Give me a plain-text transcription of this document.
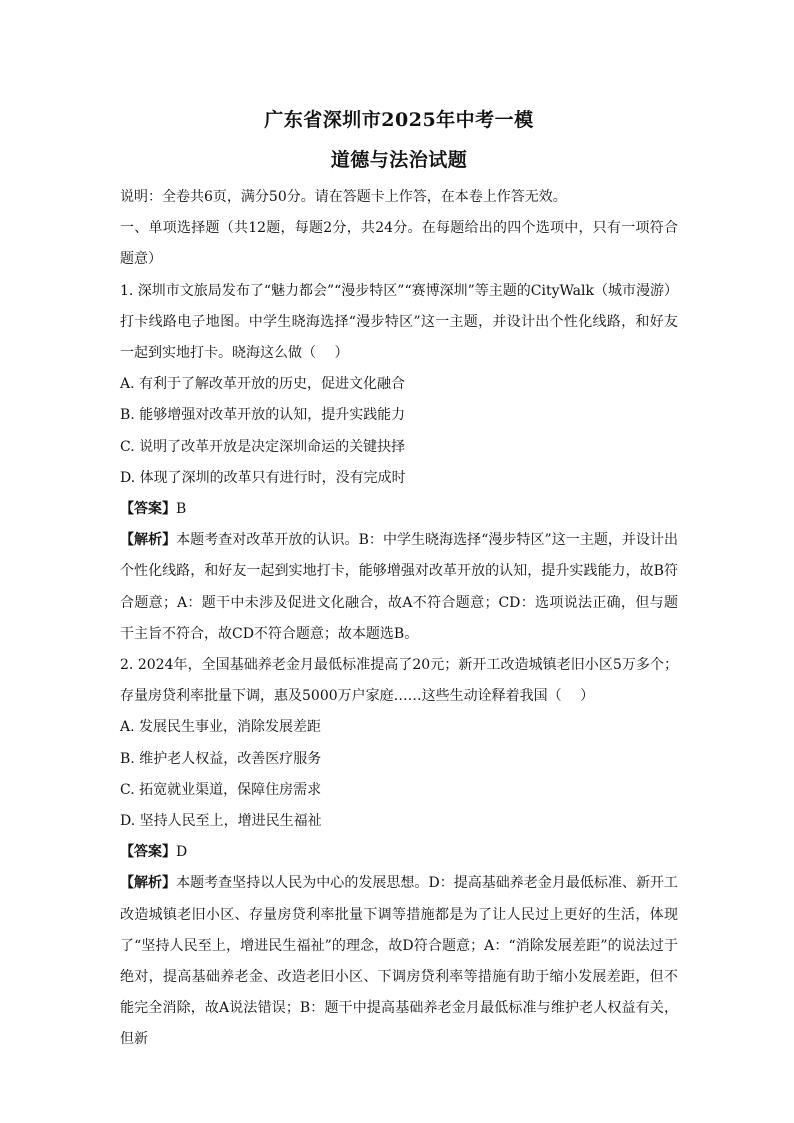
广东省深圳市2025年中考一模
道德与法治试题

说明：全卷共6页，满分50分。请在答题卡上作答，在本卷上作答无效。

一、单项选择题（共12题，每题2分，共24分。在每题给出的四个选项中，只有一项符合题意）

1. 深圳市文旅局发布了“魅力都会”“漫步特区”“赛博深圳”等主题的CityWalk（城市漫游）打卡线路电子地图。中学生晓海选择“漫步特区”这一主题，并设计出个性化线路，和好友一起到实地打卡。晓海这么做（　 ）

A. 有利于了解改革开放的历史，促进文化融合

B. 能够增强对改革开放的认知，提升实践能力

C. 说明了改革开放是决定深圳命运的关键抉择

D. 体现了深圳的改革只有进行时，没有完成时

【答案】B

【解析】本题考查对改革开放的认识。B：中学生晓海选择“漫步特区”这一主题，并设计出个性化线路，和好友一起到实地打卡，能够增强对改革开放的认知，提升实践能力，故B符合题意；A：题干中未涉及促进文化融合，故A不符合题意；CD：选项说法正确，但与题干主旨不符合，故CD不符合题意；故本题选B。

2. 2024年，全国基础养老金月最低标准提高了20元；新开工改造城镇老旧小区5万多个；存量房贷利率批量下调，惠及5000万户家庭……这些生动诠释着我国（　 ）

A. 发展民生事业，消除发展差距

B. 维护老人权益，改善医疗服务

C. 拓宽就业渠道，保障住房需求

D. 坚持人民至上，增进民生福祉

【答案】D

【解析】本题考查坚持以人民为中心的发展思想。D：提高基础养老金月最低标准、新开工改造城镇老旧小区、存量房贷利率批量下调等措施都是为了让人民过上更好的生活，体现了“坚持人民至上，增进民生福祉”的理念，故D符合题意；A：“消除发展差距”的说法过于绝对，提高基础养老金、改造老旧小区、下调房贷利率等措施有助于缩小发展差距，但不能完全消除，故A说法错误；B：题干中提高基础养老金月最低标准与维护老人权益有关，但新
